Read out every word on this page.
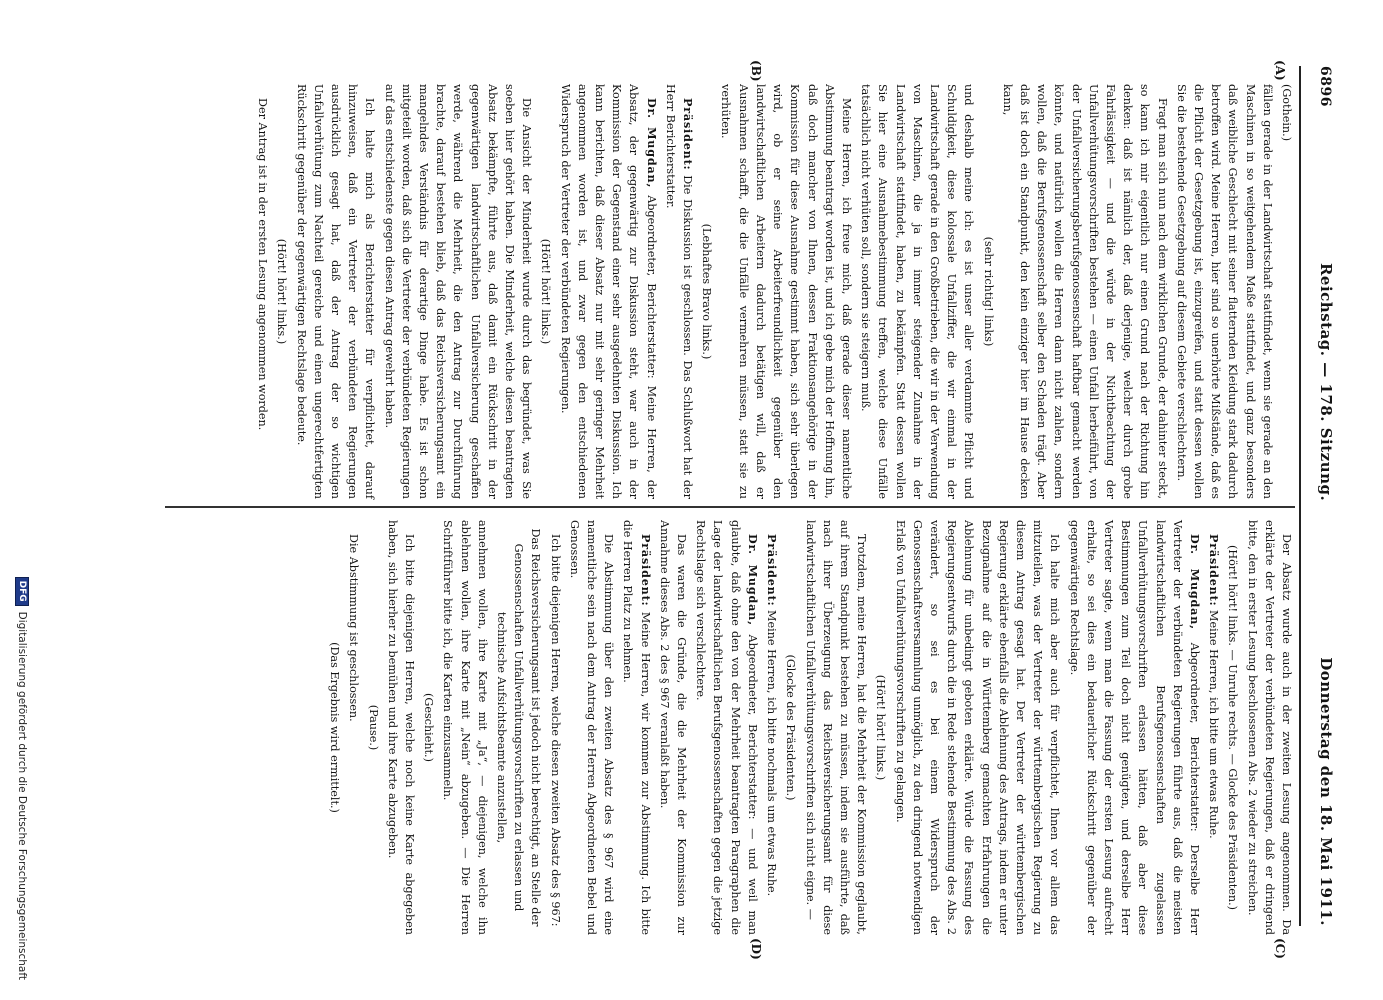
6896
Reichstag. — 178. Sitzung.
Donnerstag den 18. Mai 1911.
(A)
(B)
(C)
(D)

(Gothein.)

fällen gerade in der Landwirtschaft stattfindet, wenn sie gerade an den Maschinen in so weitgehendem Maße stattfindet, und ganz besonders daß weibliche Geschlecht mit seiner flatternden Kleidung stark dadurch betroffen wird. Meine Herren, hier sind so unerhörte Mißstände, daß es die Pflicht der Gesetzgebung ist, einzugreifen, und statt dessen wollen Sie die bestehende Gesetzgebung auf diesem Gebiete verschlechtern.

Fragt man sich nun nach dem wirklichen Grunde, der dahinter steckt, so kann ich mir eigentlich nur einen Grund nach der Richtung hin denken: daß ist nämlich der, daß derjenige, welcher durch grobe Fahrlässigkeit — und die würde in der Nichtbeachtung der Unfallverhütungsvorschriften bestehen — einen Unfall herbeiführt, von der Unfallversicherungsberufsgenossenschaft haftbar gemacht werden könnte, und natürlich wollen die Herren dann nicht zahlen, sondern wollen, daß die Berufsgenossenschaft selber den Schaden trägt. Aber daß ist doch ein Standpunkt, den kein einziger hier im Hause decken kann,

(sehr richtig! links)

und deshalb meine ich: es ist unser aller verdammte Pflicht und Schuldigkeit, diese kolossale Unfallziffer, die wir einmal in der Landwirtschaft gerade in den Großbetrieben, die wir in der Verwendung von Maschinen, die ja in immer steigender Zunahme in der Landwirtschaft stattfindet, haben, zu bekämpfen. Statt dessen wollen Sie hier eine Ausnahmebestimmung treffen, welche diese Unfälle tatsächlich nicht verhüten soll, sondern sie steigern muß.

Meine Herren, ich freue mich, daß gerade dieser namentliche Abstimmung beantragt worden ist, und ich gebe mich der Hoffnung hin, daß doch mancher von Ihnen, dessen Fraktionsangehörige in der Kommission für diese Ausnahme gestimmt haben, sich sehr überlegen wird, ob er seine Arbeiterfreundlichkeit gegenüber den landwirtschaftlichen Arbeitern dadurch betätigen will, daß er Ausnahmen schafft, die die Unfälle vermehren müssen, statt sie zu verhüten.

(Lebhaftes Bravo links.)

Präsident: Die Diskussion ist geschlossen. Das Schlußwort hat der Herr Berichterstatter.

Dr. Mugdan, Abgeordneter, Berichterstatter: Meine Herren, der Absatz, der gegenwärtig zur Diskussion steht, war auch in der Kommission der Gegenstand einer sehr ausgedehnten Diskussion. Ich kann berichten, daß dieser Absatz nur mit sehr geringer Mehrheit angenommen worden ist, und zwar gegen den entschiedenen Widerspruch der Vertreter der verbündeten Regierungen.

(Hört! hört! links.)

Die Ansicht der Minderheit wurde durch das begründet, was Sie soeben hier gehört haben. Die Minderheit, welche diesen beantragten Absatz bekämpfte, führte aus, daß damit ein Rückschritt in der gegenwärtigen landwirtschaftlichen Unfallversicherung geschaffen werde, während die Mehrheit, die den Antrag zur Durchführung brachte, darauf bestehen blieb, daß das Reichsversicherungsamt ein mangelndes Verständnis für derartige Dinge habe. Es ist schon mitgeteilt worden, daß sich die Vertreter der verbündeten Regierungen auf das entschiedenste gegen diesen Antrag gewehrt haben.

Ich halte mich als Berichterstatter für verpflichtet, darauf hinzuweisen, daß ein Vertreter der verbündeten Regierungen ausdrücklich gesagt hat, daß der Antrag der so wichtigen Unfallverhütung zum Nachteil gereiche und einen ungerechtfertigten Rückschritt gegenüber der gegenwärtigen Rechtslage bedeute.

(Hört! hört! links.)

Der Antrag ist in der ersten Lesung angenommen worden.

Der Absatz wurde auch in der zweiten Lesung angenommen. Da erklärte der Vertreter der verbündeten Regierungen, daß er dringend bitte, den in erster Lesung beschlossenen Abs. 2 wieder zu streichen.

(Hört! hört! links. — Unruhe rechts. — Glocke des Präsidenten.)

Präsident: Meine Herren, ich bitte um etwas Ruhe.

Dr. Mugdan, Abgeordneter, Berichterstatter: Derselbe Herr Vertreter der verbündeten Regierungen führte aus, daß die meisten landwirtschaftlichen Berufsgenossenschaften zugelassen Unfallverhütungsvorschriften erlassen hätten, daß aber diese Bestimmungen zum Teil doch nicht genügten, und derselbe Herr Vertreter sagte, wenn man die Fassung der ersten Lesung aufrecht erhalte, so sei dies ein bedauerlicher Rückschritt gegenüber der gegenwärtigen Rechtslage.

Ich halte mich aber auch für verpflichtet, Ihnen vor allem das mitzuteilen, was der Vertreter der württembergischen Regierung zu diesem Antrag gesagt hat. Der Vertreter der württembergischen Regierung erklärte ebenfalls die Ablehnung des Antrags, indem er unter Bezugnahme auf die in Württemberg gemachten Erfahrungen die Ablehnung für unbedingt geboten erklärte. Würde die Fassung des Regierungsentwurfs durch die in Rede stehende Bestimmung des Abs. 2 verändert, so sei es bei einem Widerspruch der Genossenschaftsversammlung unmöglich, zu den dringend notwendigen Erlaß von Unfallverhütungsvorschriften zu gelangen.

(Hört! hört! links.)

Trotzdem, meine Herren, hat die Mehrheit der Kommission geglaubt, auf ihrem Standpunkt bestehen zu müssen, indem sie ausführte, daß nach ihrer Überzeugung das Reichsversicherungsamt für diese landwirtschaftlichen Unfallverhütungsvorschriften sich nicht eigne. —

(Glocke des Präsidenten.)

Präsident: Meine Herren, ich bitte nochmals um etwas Ruhe.

Dr. Mugdan, Abgeordneter, Berichterstatter: — und weil man glaubte, daß ohne den von der Mehrheit beantragten Paragraphen die Lage der landwirtschaftlichen Berufsgenossenschaften gegen die jetzige Rechtslage sich verschlechtere.

Das waren die Gründe, die die Mehrheit der Kommission zur Annahme dieses Abs. 2 des § 967 veranlaßt haben.

Präsident: Meine Herren, wir kommen zur Abstimmung. Ich bitte die Herren Platz zu nehmen.

Die Abstimmung über den zweiten Absatz des § 967 wird eine namentliche sein nach dem Antrag der Herren Abgeordneten Bebel und Genossen.

Ich bitte diejenigen Herren, welche diesen zweiten Absatz des § 967:

Das Reichsversicherungsamt ist jedoch nicht berechtigt, an Stelle der Genossenschaften Unfallverhütungsvorschriften zu erlassen und technische Aufsichtsbeamte anzustellen,

annehmen wollen, ihre Karte mit „Ja“, — diejenigen, welche ihn ablehnen wollen, ihre Karte mit „Nein“ abzugeben. — Die Herren Schriftführer bitte ich, die Karten einzusammeln.

(Geschieht.)

Ich bitte diejenigen Herren, welche noch keine Karte abgegeben haben, sich hierher zu bemühen und ihre Karte abzugeben.

(Pause.)

Die Abstimmung ist geschlossen.

(Das Ergebnis wird ermittelt.)

DFG
Digitalisierung gefördert durch die Deutsche Forschungsgemeinschaft
